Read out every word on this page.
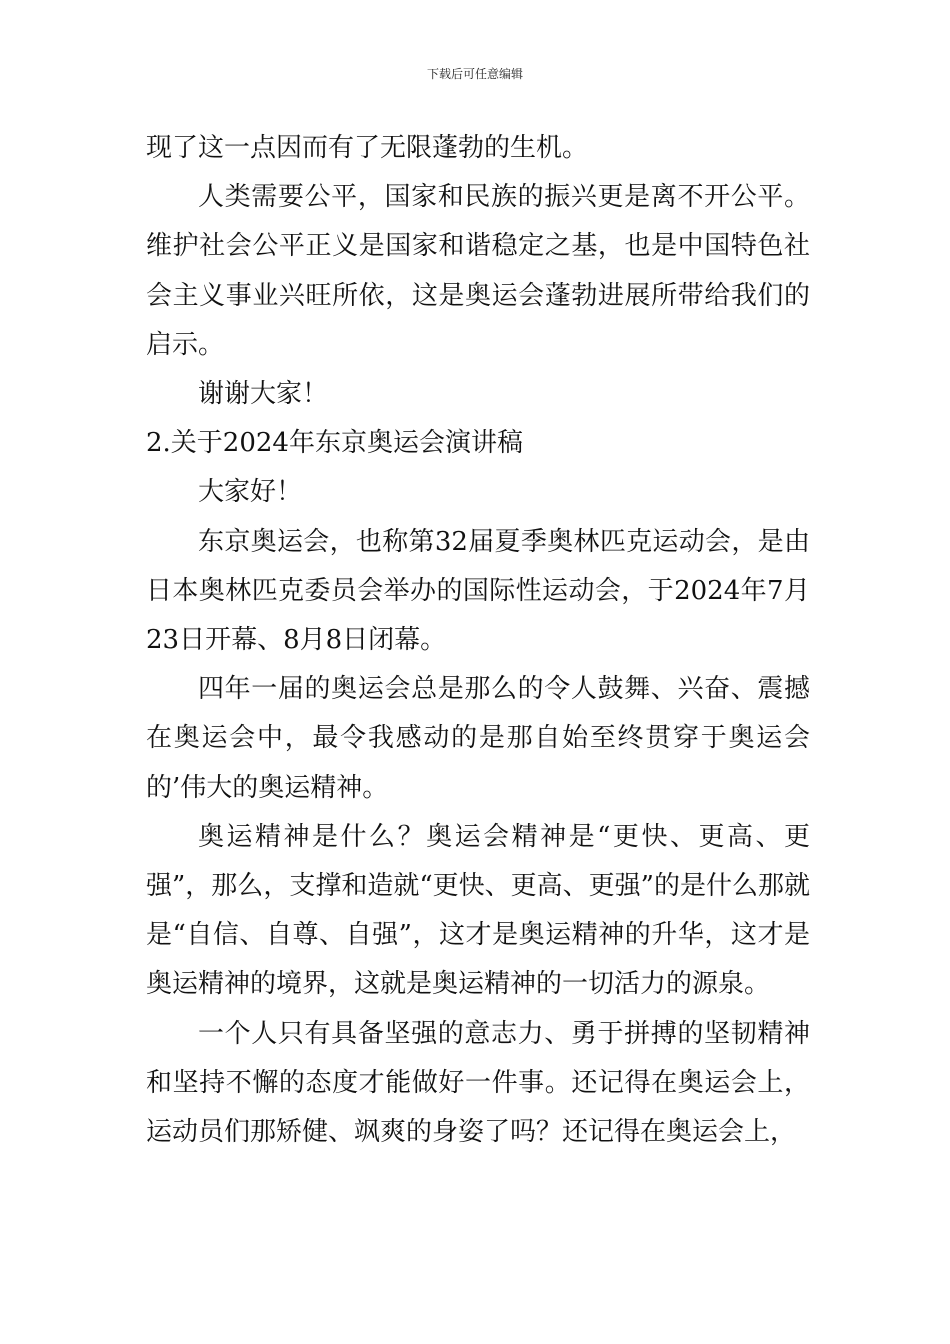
下载后可任意编辑

现了这一点因而有了无限蓬勃的生机。

人类需要公平，国家和民族的振兴更是离不开公平。维护社会公平正义是国家和谐稳定之基，也是中国特色社会主义事业兴旺所依，这是奥运会蓬勃进展所带给我们的启示。

谢谢大家！

2.关于2024年东京奥运会演讲稿

大家好！

东京奥运会，也称第32届夏季奥林匹克运动会，是由日本奥林匹克委员会举办的国际性运动会，于2024年7月23日开幕、8月8日闭幕。

四年一届的奥运会总是那么的令人鼓舞、兴奋、震撼在奥运会中，最令我感动的是那自始至终贯穿于奥运会的’伟大的奥运精神。

奥运精神是什么？奥运会精神是“更快、更高、更强”，那么，支撑和造就“更快、更高、更强”的是什么那就是“自信、自尊、自强”，这才是奥运精神的升华，这才是奥运精神的境界，这就是奥运精神的一切活力的源泉。

一个人只有具备坚强的意志力、勇于拼搏的坚韧精神和坚持不懈的态度才能做好一件事。还记得在奥运会上，运动员们那矫健、飒爽的身姿了吗？还记得在奥运会上，
